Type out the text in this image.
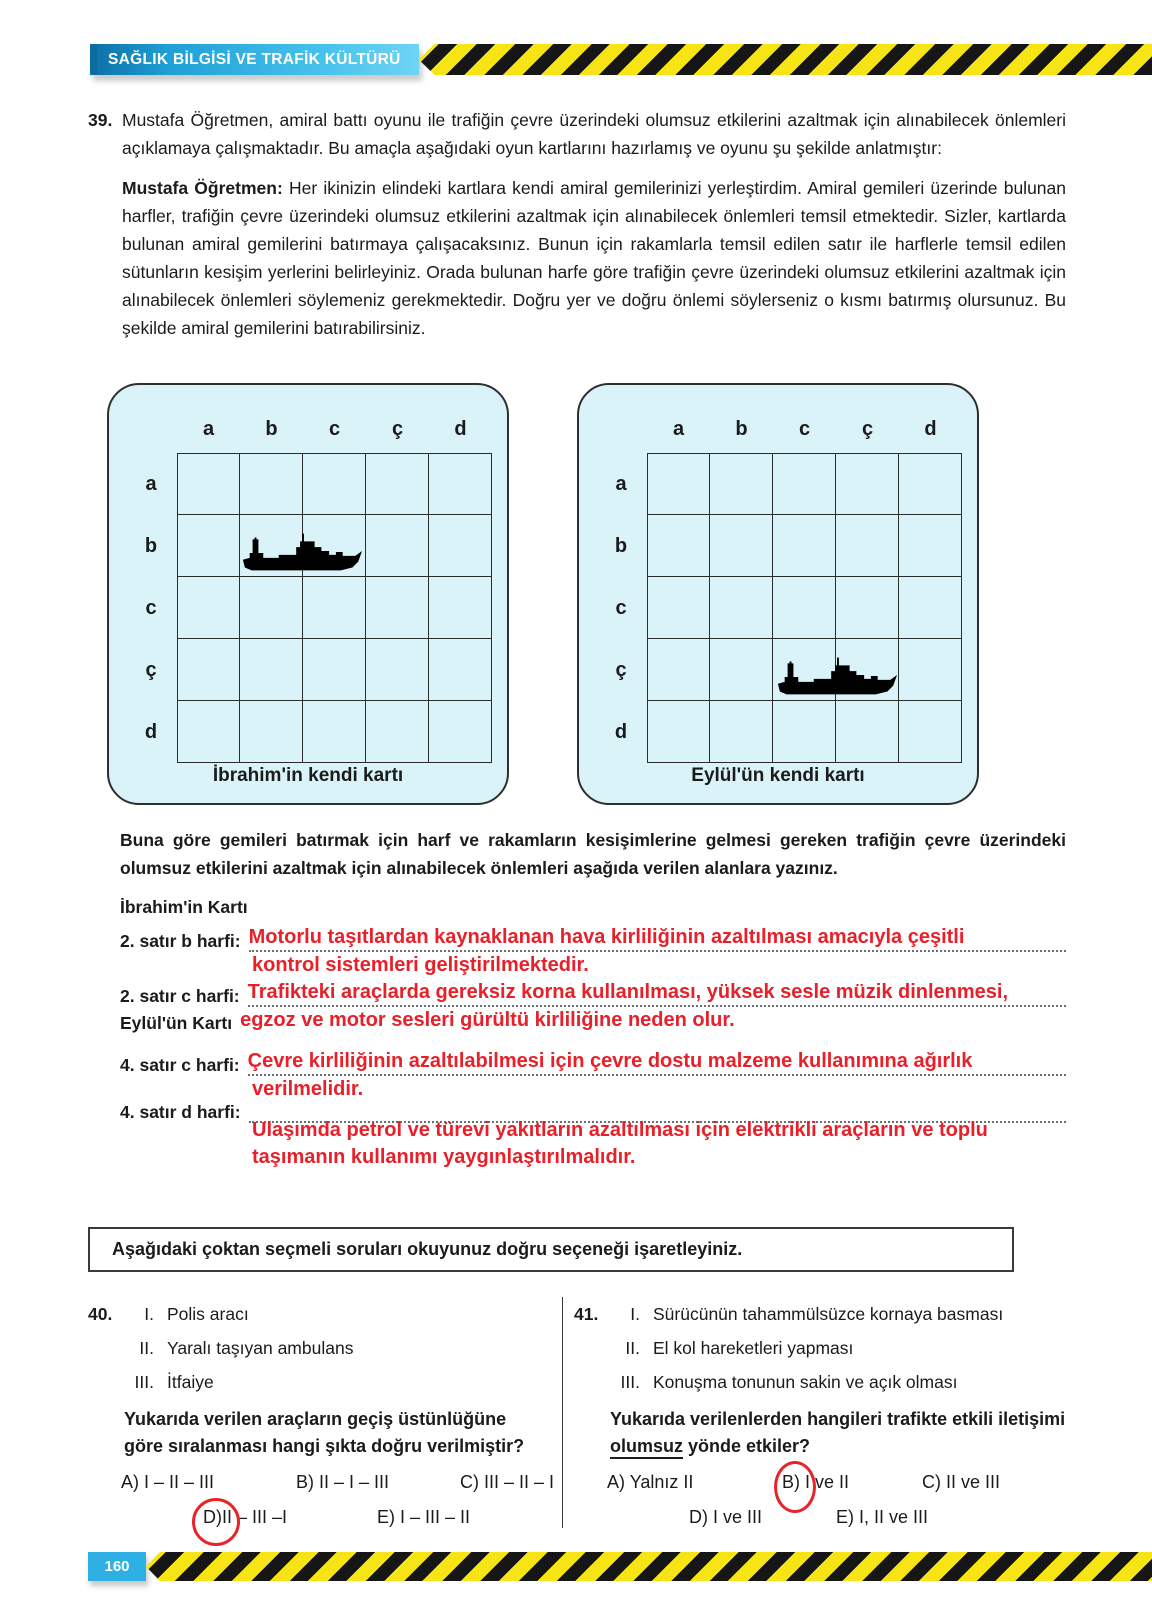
SAĞLIK BİLGİSİ VE TRAFİK KÜLTÜRÜ
39. Mustafa Öğretmen, amiral battı oyunu ile trafiğin çevre üzerindeki olumsuz etkilerini azaltmak için alınabilecek önlemleri açıklamaya çalışmaktadır. Bu amaçla aşağıdaki oyun kartlarını hazırlamış ve oyunu şu şekilde anlatmıştır:
Mustafa Öğretmen: Her ikinizin elindeki kartlara kendi amiral gemilerinizi yerleştirdim. Amiral gemileri üzerinde bulunan harfler, trafiğin çevre üzerindeki olumsuz etkilerini azaltmak için alınabilecek önlemleri temsil etmektedir. Sizler, kartlarda bulunan amiral gemilerini batırmaya çalışacaksınız. Bunun için rakamlarla temsil edilen satır ile harflerle temsil edilen sütunların kesişim yerlerini belirleyiniz. Orada bulunan harfe göre trafiğin çevre üzerindeki olumsuz etkilerini azaltmak için alınabilecek önlemleri söylemeniz gerekmektedir. Doğru yer ve doğru önlemi söylerseniz o kısmı batırmış olursunuz. Bu şekilde amiral gemilerini batırabilirsiniz.
a	b	c	ç	d
a
b
c
ç
d
İbrahim'in kendi kartı
a	b	c	ç	d
a
b
c
ç
d
Eylül'ün kendi kartı
Buna göre gemileri batırmak için harf ve rakamların kesişimlerine gelmesi gereken trafiğin çevre üzerindeki olumsuz etkilerini azaltmak için alınabilecek önlemleri aşağıda verilen alanlara yazınız.
İbrahim'in Kartı
2. satır b harfi: Motorlu taşıtlardan kaynaklanan hava kirliliğinin azaltılması amacıyla çeşitli
kontrol sistemleri geliştirilmektedir.
2. satır c harfi: Trafikteki araçlarda gereksiz korna kullanılması, yüksek sesle müzik dinlenmesi,
Eylül'ün Kartı egzoz ve motor sesleri gürültü kirliliğine neden olur.
4. satır c harfi: Çevre kirliliğinin azaltılabilmesi için çevre dostu malzeme kullanımına ağırlık
verilmelidir.
4. satır d harfi:
Ulaşımda petrol ve türevi yakıtların azaltılması için elektrikli araçların ve toplu
taşımanın kullanımı yaygınlaştırılmalıdır.
Aşağıdaki çoktan seçmeli soruları okuyunuz doğru seçeneği işaretleyiniz.
40.	I. Polis aracı
II. Yaralı taşıyan ambulans
III. İtfaiye
Yukarıda verilen araçların geçiş üstünlüğüne göre sıralanması hangi şıkta doğru verilmiştir?
A) I – II – III	B) II – I – III	C) III – II – I
D)II – III –I	E) I – III – II
41.	I. Sürücünün tahammülsüzce kornaya basması
II. El kol hareketleri yapması
III. Konuşma tonunun sakin ve açık olması
Yukarıda verilenlerden hangileri trafikte etkili iletişimi olumsuz yönde etkiler?
A) Yalnız II	B) I ve II	C) II ve III
D) I ve III	E) I, II ve III
160
